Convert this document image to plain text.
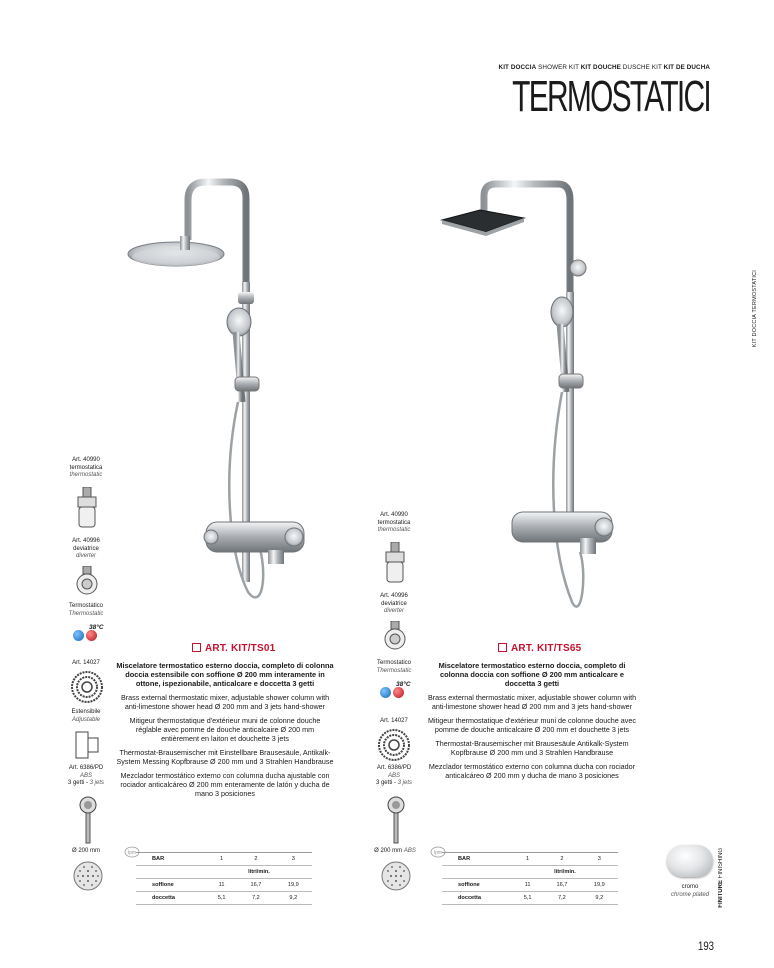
KIT DOCCIA SHOWER KIT KIT DOUCHE DUSCHE KIT KIT DE DUCHA
TERMOSTATICI
KIT DOCCIA TERMOSTATICI
Art. 40990
termostatica
thermostatic
Art. 40996
deviatrice
diverter
Termostatico
Thermostatic
38°C
Art. 14027
Estensibile
Adjustable
Art. 6386/PD
ABS
3 getti - 3 jets
Ø 200 mm
Art. 40990
termostatica
thermostatic
Art. 40996
deviatrice
diverter
Termostatico
Thermostatic
38°C
Art. 14027
Art. 6386/PD
ABS
3 getti - 3 jets
Ø 200 mm ABS
ART. KIT/TS01

Miscelatore termostatico esterno doccia, completo di colonna doccia estensibile con soffione Ø 200 mm interamente in ottone, ispezionabile, anticalcare e doccetta 3 getti

Brass external thermostatic mixer, adjustable shower column with anti-limestone shower head Ø 200 mm and 3 jets hand-shower

Mitigeur thermostatique d'extérieur muni de colonne douche réglable avec pomme de douche anticalcaire Ø 200 mm entièrement en laiton et douchette 3 jets

Thermostat-Brausemischer mit Einstellbare Brausesäule, Antikalk-System Messing Kopfbrause Ø 200 mm und 3 Strahlen Handbrause

Mezclador termostático externo con columna ducha ajustable con rociador anticalcáreo Ø 200 mm enteramente de latón y ducha de mano 3 posiciones

ART. KIT/TS65

Miscelatore termostatico esterno doccia, completo di colonna doccia con soffione Ø 200 mm anticalcare e doccetta 3 getti

Brass external thermostatic mixer, adjustable shower column with anti-limestone shower head Ø 200 mm and 3 jets hand-shower

Mitigeur thermostatique d'extérieur muni de colonne douche avec pomme de douche anticalcaire Ø 200 mm et douchette 3 jets

Thermostat-Brausemischer mit Brausesäule Antikalk-System Kopfbrause Ø 200 mm und 3 Strahlen Handbrause

Mezclador termostático externo con columna ducha con rociador anticalcáreo Ø 200 mm y ducha de mano 3 posiciones

lpm
BAR	1	2	3
	litri/min.		
soffione	11	16,7	19,9
doccetta	5,1	7,2	9,2
lpm
BAR	1	2	3
	litri/min.		
soffione	11	16,7	19,9
doccetta	5,1	7,2	9,2
cromo
chrome plated	FINITURE FINISHING
193
